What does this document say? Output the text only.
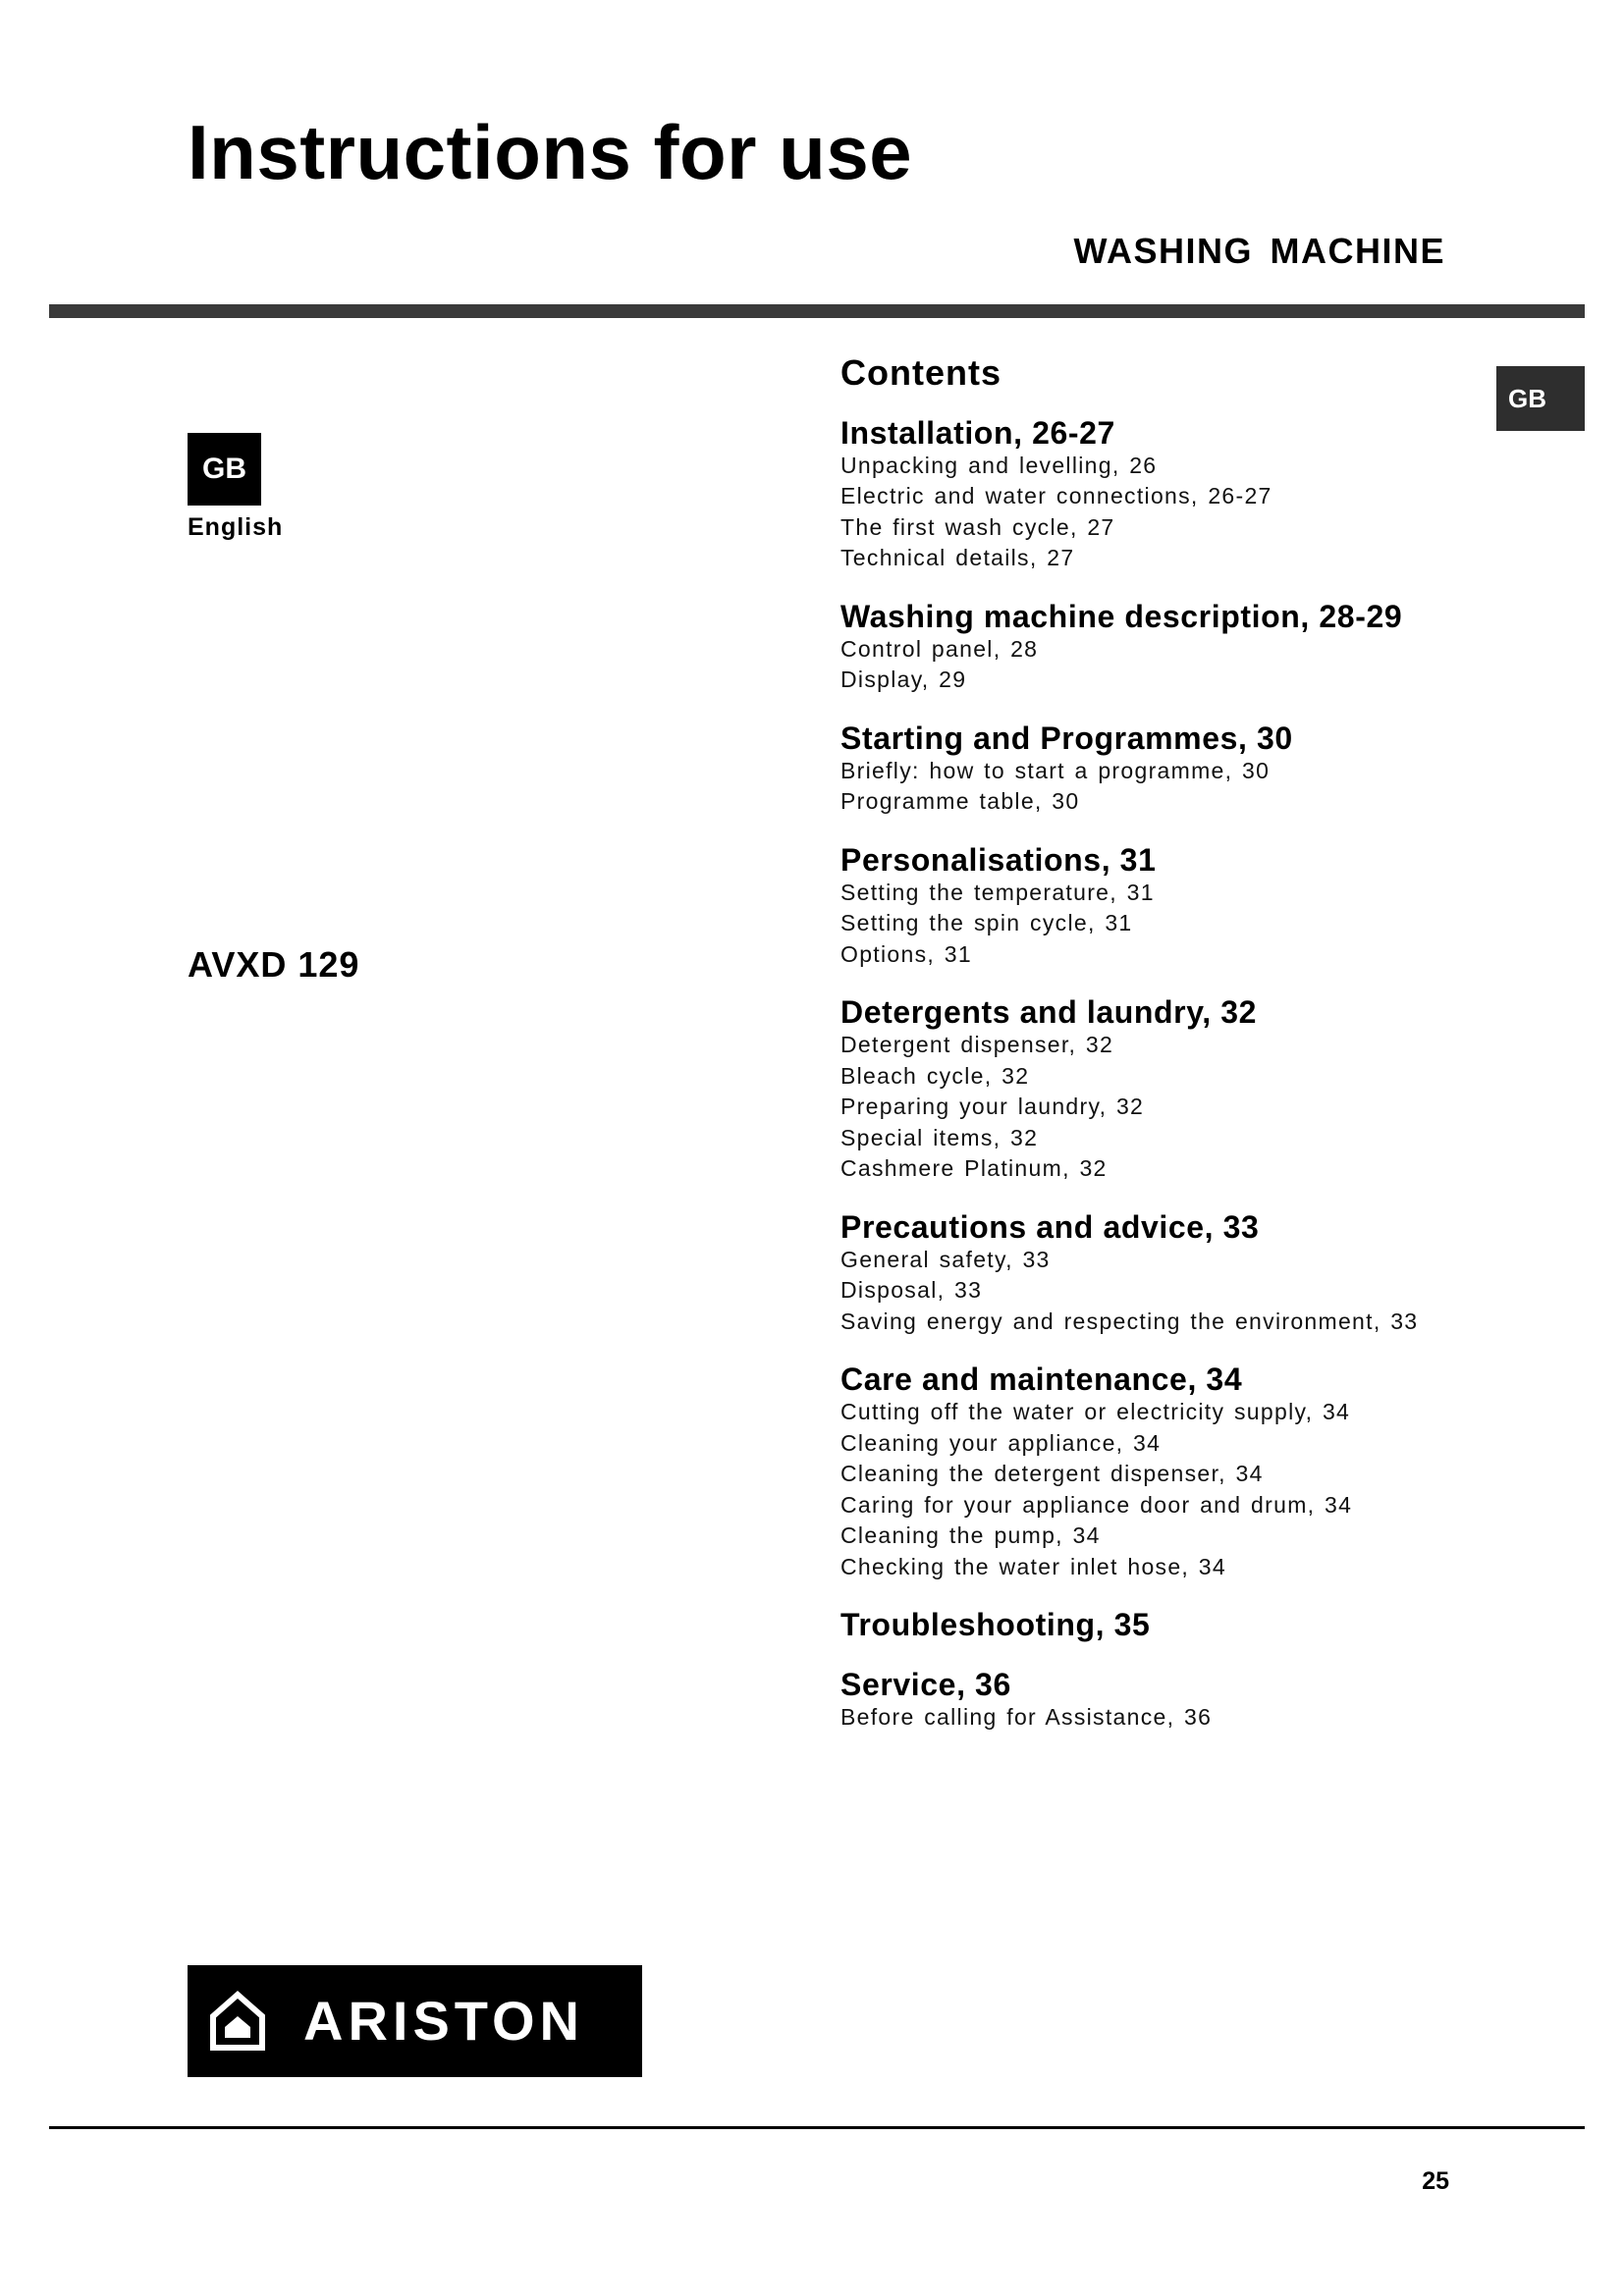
Instructions for use
WASHING MACHINE
GB
English
GB
AVXD 129
Contents
Installation, 26-27
Unpacking and levelling, 26
Electric and water connections, 26-27
The first wash cycle, 27
Technical details, 27
Washing machine description, 28-29
Control panel, 28
Display, 29
Starting and Programmes, 30
Briefly: how to start a programme, 30
Programme table, 30
Personalisations, 31
Setting the temperature, 31
Setting the spin cycle, 31
Options, 31
Detergents and laundry, 32
Detergent dispenser, 32
Bleach cycle, 32
Preparing your laundry, 32
Special items, 32
Cashmere Platinum, 32
Precautions and advice, 33
General safety, 33
Disposal, 33
Saving energy and respecting the environment, 33
Care and maintenance, 34
Cutting off the water or electricity supply, 34
Cleaning your appliance, 34
Cleaning the detergent dispenser, 34
Caring for your appliance door and drum, 34
Cleaning the pump, 34
Checking the water inlet hose, 34
Troubleshooting, 35
Service, 36
Before calling for Assistance, 36
ARISTON
25
